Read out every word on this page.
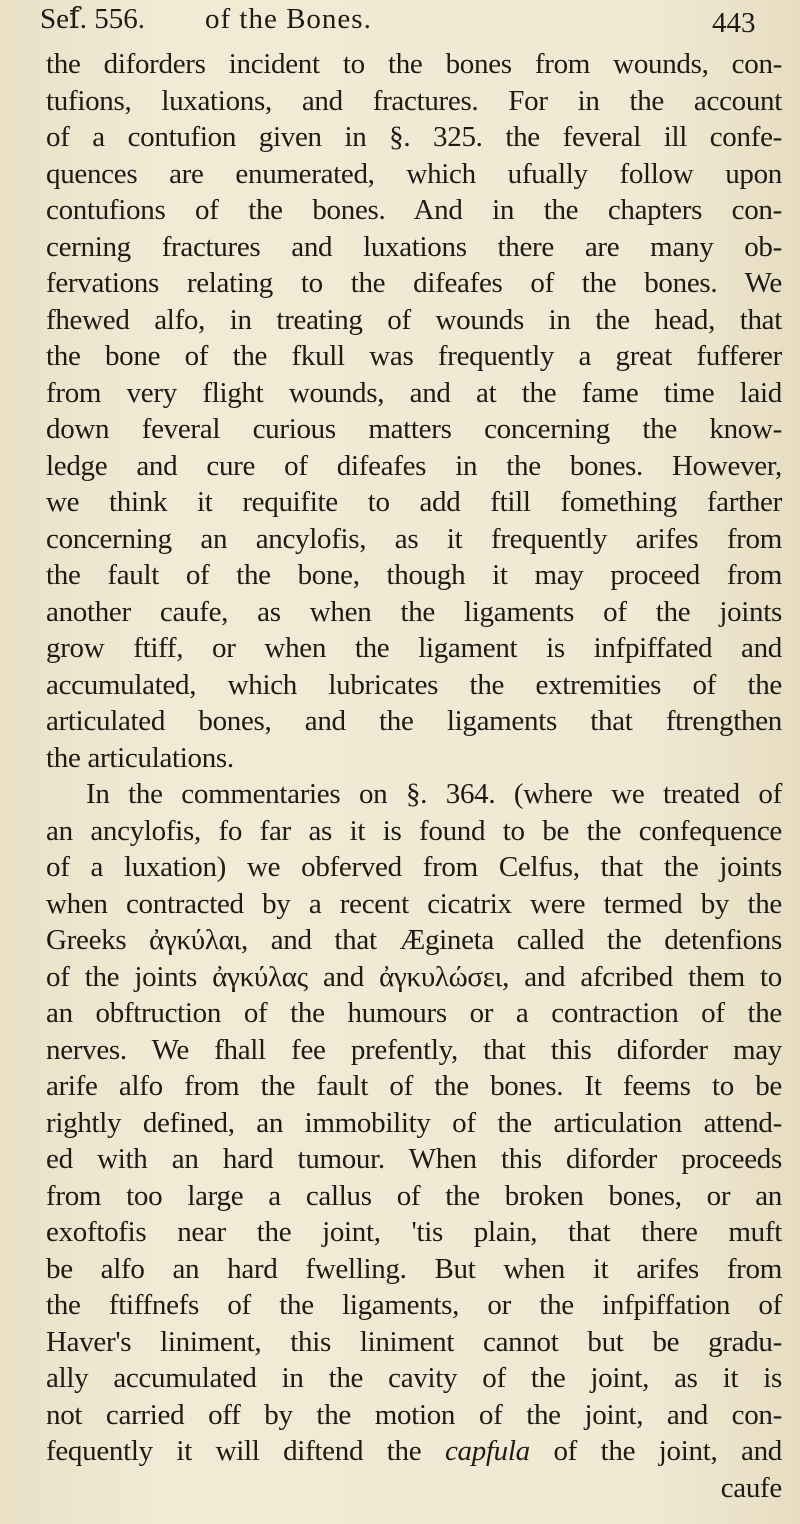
Seẝ. 556. of the Bones.	443
the diforders incident to the bones from wounds, con-
tufions, luxations, and fractures. For in the account
of a contufion given in §. 325. the feveral ill confe-
quences are enumerated, which ufually follow upon
contufions of the bones. And in the chapters con-
cerning fractures and luxations there are many ob-
fervations relating to the difeafes of the bones. We
fhewed alfo, in treating of wounds in the head, that
the bone of the fkull was frequently a great fufferer
from very flight wounds, and at the fame time laid
down feveral curious matters concerning the know-
ledge and cure of difeafes in the bones. However,
we think it requifite to add ftill fomething farther
concerning an ancylofis, as it frequently arifes from
the fault of the bone, though it may proceed from
another caufe, as when the ligaments of the joints
grow ftiff, or when the ligament is infpiffated and
accumulated, which lubricates the extremities of the
articulated bones, and the ligaments that ftrengthen
the articulations.
In the commentaries on §. 364. (where we treated of
an ancylofis, fo far as it is found to be the confequence
of a luxation) we obferved from Celfus, that the joints
when contracted by a recent cicatrix were termed by the
Greeks ἀγκύλαι, and that Ægineta called the detenfions
of the joints ἀγκύλας and ἀγκυλώσει, and afcribed them to
an obftruction of the humours or a contraction of the
nerves. We fhall fee prefently, that this diforder may
arife alfo from the fault of the bones. It feems to be
rightly defined, an immobility of the articulation attend-
ed with an hard tumour. When this diforder proceeds
from too large a callus of the broken bones, or an
exoftofis near the joint, 'tis plain, that there muft
be alfo an hard fwelling. But when it arifes from
the ftiffnefs of the ligaments, or the infpiffation of
Haver's liniment, this liniment cannot but be gradu-
ally accumulated in the cavity of the joint, as it is
not carried off by the motion of the joint, and con-
fequently it will diftend the capfula of the joint, and
caufe
